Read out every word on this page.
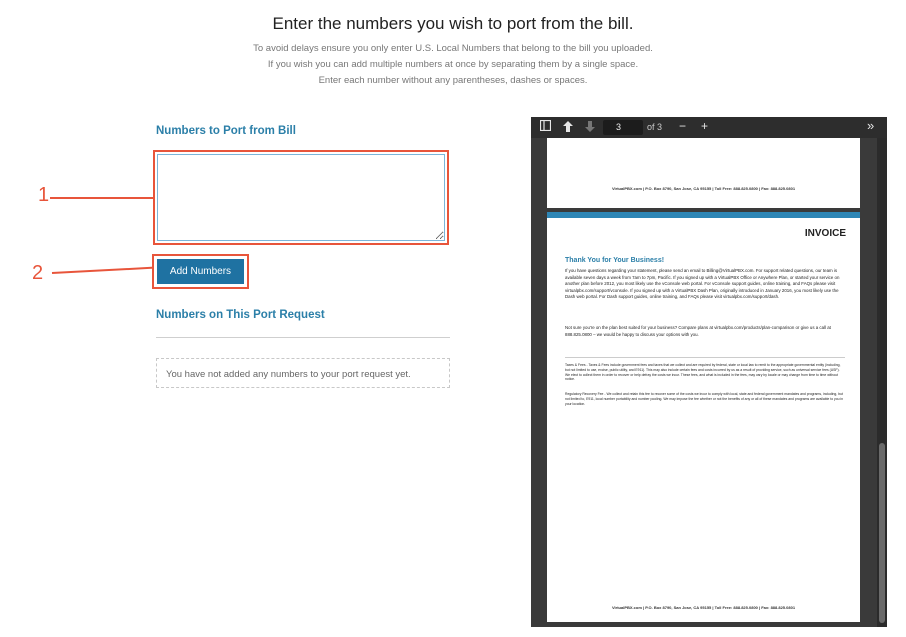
Enter the numbers you wish to port from the bill.
To avoid delays ensure you only enter U.S. Local Numbers that belong to the bill you uploaded.
If you wish you can add multiple numbers at once by separating them by a single space.
Enter each number without any parentheses, dashes or spaces.
Numbers to Port from Bill
Add Numbers
Numbers on This Port Request
You have not added any numbers to your port request yet.
1
2
3	of 3 − +	»
VirtualPBX.com | P.O. Box 8790, San Jose, CA 95155 | Toll Free: 888.825.0800 | Fax: 888.825.0801
INVOICE
Thank You for Your Business!
If you have questions regarding your statement, please send an email to Billing@VirtualPBX.com. For support related questions, our team is available seven days a week from 7am to 7pm, Pacific. If you signed up with a VirtualPBX Office or Anywhere Plan, or started your service on another plan before 2012, you most likely use the vConsole web portal. For vConsole support guides, online training, and FAQs please visit virtualpbx.com/support/vconsole. If you signed up with a VirtualPBX Dash Plan, originally introduced in January 2016, you most likely use the Dash web portal. For Dash support guides, online training, and FAQs please visit virtualpbx.com/support/dash.
Not sure you're on the plan best suited for your business? Compare plans at virtualpbx.com/products/plan-comparison or give us a call at 888.825.0800 – we would be happy to discuss your options with you.
Taxes & Fees - Taxes & Fees include government fees and taxes that we collect and are required by federal, state or local law to remit to the appropriate governmental entity (including, but not limited to use, excise, public utility, and E911). This may also include certain fees and costs incurred by us as a result of providing service, such as universal service fees (USF). We elect to collect them in order to recover or help defray the costs we incur. These fees, and what is included in the fees, may vary by locale or may change from time to time without notice.
Regulatory Recovery Fee - We collect and retain this fee to recover some of the costs we incur to comply with local, state and federal government mandates and programs, including, but not limited to, E911, local number portability and number pooling. We may impose the fee whether or not the benefits of any or all of these mandates and programs are available to you in your location.
VirtualPBX.com | P.O. Box 8790, San Jose, CA 95155 | Toll Free: 888.825.0800 | Fax: 888.825.0801
